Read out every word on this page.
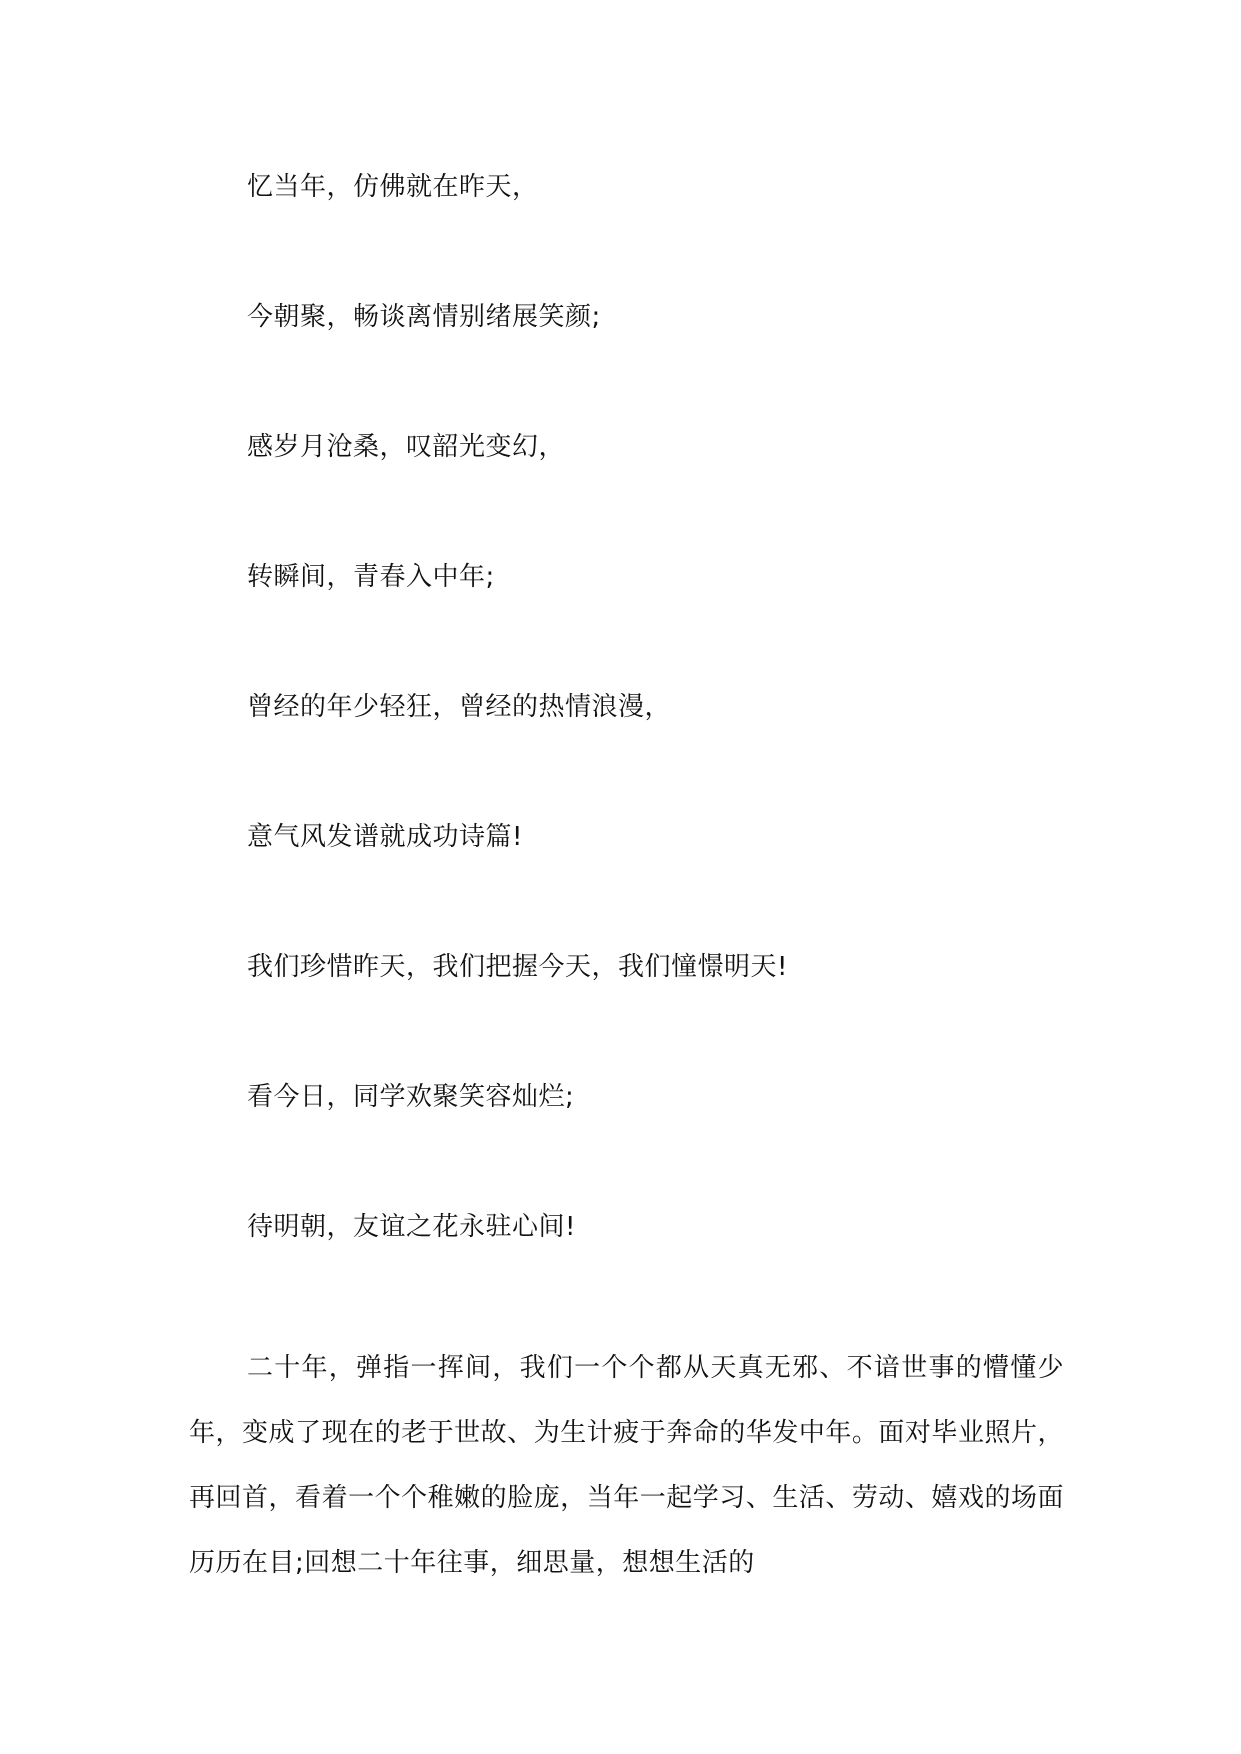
忆当年，仿佛就在昨天，
今朝聚，畅谈离情别绪展笑颜;
感岁月沧桑，叹韶光变幻，
转瞬间，青春入中年;
曾经的年少轻狂，曾经的热情浪漫，
意气风发谱就成功诗篇!
我们珍惜昨天，我们把握今天，我们憧憬明天!
看今日，同学欢聚笑容灿烂;
待明朝，友谊之花永驻心间!

二十年，弹指一挥间，我们一个个都从天真无邪、不谙世事的懵懂少年，变成了现在的老于世故、为生计疲于奔命的华发中年。面对毕业照片，再回首，看着一个个稚嫩的脸庞，当年一起学习、生活、劳动、嬉戏的场面历历在目;回想二十年往事，细思量，想想生活的
